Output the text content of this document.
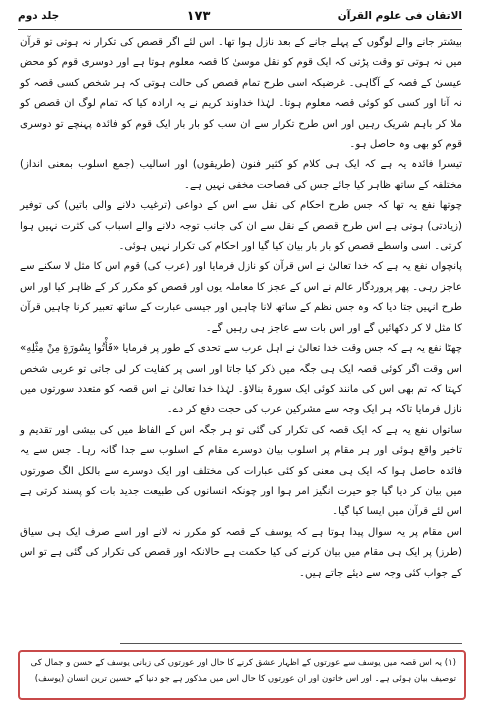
الاتقان فی علوم القرآن
۱۷۳
جلد دوم

بیشتر جانے والے لوگوں کے پہلے جانے کے بعد نازل ہوا تھا۔ اس لئے اگر قصص کی تکرار نہ ہوتی تو قرآن میں نہ ہوتی تو وقت پڑتی کہ ایک قوم کو نقل موسیٰ کا قصہ معلوم ہوتا ہے اور دوسری قوم کو محض عیسیٰ کے قصہ کے آگاہی۔ غرضیکہ اسی طرح تمام قصص کی حالت ہوتی کہ ہر شخص کسی قصہ کو نہ آنا اور کسی کو کوئی قصہ معلوم ہوتا۔ لہٰذا خداوند کریم نے یہ ارادہ کیا کہ تمام لوگ ان قصص کو ملا کر باہم شریک رہیں اور اس طرح تکرار سے ان سب کو بار بار ایک قوم کو فائدہ پہنچے تو دوسری قوم کو بھی وہ حاصل ہو۔

تیسرا فائدہ یہ ہے کہ ایک ہی کلام کو کثیر فنون (طریقوں) اور اسالیب (جمع اسلوب بمعنی انداز) مختلفہ کے ساتھ ظاہر کیا جائے جس کی فصاحت مخفی نہیں ہے۔

چوتھا نفع یہ تھا کہ جس طرح احکام کی نقل سے اس کے دواعی (ترغیب دلانے والی باتیں) کی توفیر (زیادتی) ہوتی ہے اس طرح قصص کے نقل سے ان کی جانب توجہ دلانے والے اسباب کی کثرت نہیں ہوا کرتی۔ اسی واسطے قصص کو بار بار بیان کیا گیا اور احکام کی تکرار نہیں ہوئی۔

پانچواں نفع یہ ہے کہ خدا تعالیٰ نے اس قرآن کو نازل فرمایا اور (عرب کی) قوم اس کا مثل لا سکنے سے عاجز رہی۔ پھر پروردگار عالم نے اس کے عجز کا معاملہ یوں اور قصص کو مکرر کر کے ظاہر کیا اور اس طرح انہیں جتا دیا کہ وہ جس نظم کے ساتھ لانا چاہیں اور جیسی عبارت کے ساتھ تعبیر کرنا چاہیں قرآن کا مثل لا کر دکھائیں گے اور اس بات سے عاجز ہی رہیں گے۔

چھٹا نفع یہ ہے کہ جس وقت خدا تعالیٰ نے اہل عرب سے تحدی کے طور پر فرمایا «فَأْتُوا بِسُورَةٍ مِنْ مِثْلِهِ» اس وقت اگر کوئی قصہ ایک ہی جگہ میں ذکر کیا جاتا اور اسی پر کفایت کر لی جاتی تو عربی شخص کہتا کہ تم بھی اس کی مانند کوئی ایک سورۃ بنالاؤ۔ لہٰذا خدا تعالیٰ نے اس قصہ کو متعدد سورتوں میں نازل فرمایا تاکہ ہر ایک وجہ سے مشرکین عرب کی حجت دفع کر دے۔

ساتواں نفع یہ ہے کہ ایک قصہ کی تکرار کی گئی تو ہر جگہ اس کے الفاظ میں کی بیشی اور تقدیم و تاخیر واقع ہوئی اور ہر مقام پر اسلوب بیان دوسرے مقام کے اسلوب سے جدا گانہ رہا۔ جس سے یہ فائدہ حاصل ہوا کہ ایک ہی معنی کو کئی عبارات کی مختلف اور ایک دوسرے سے بالکل الگ صورتوں میں بیان کر دیا گیا جو حیرت انگیز امر ہوا اور چونکہ انسانوں کی طبیعت جدید بات کو پسند کرتی ہے اس لئے قرآن میں ایسا کیا گیا۔

اس مقام پر یہ سوال پیدا ہوتا ہے کہ یوسف کے قصہ کو مکرر نہ لانے اور اسے صرف ایک ہی سیاق (طرز) پر ایک ہی مقام میں بیان کرنے کی کیا حکمت ہے حالانکہ اور قصص کی تکرار کی گئی ہے تو اس کے جواب کئی وجہ سے دیئے جاتے ہیں۔

(۱) یہ اس قصہ میں یوسف سے عورتوں کے اظہار عشق کرنے کا حال اور عورتوں کی زبانی یوسف کے حسن و جمال کی توصیف بیان ہوئی ہے۔ اور اس خاتون اور ان عورتوں کا حال اس میں مذکور ہے جو دنیا کے حسین ترین انسان (یوسف)
